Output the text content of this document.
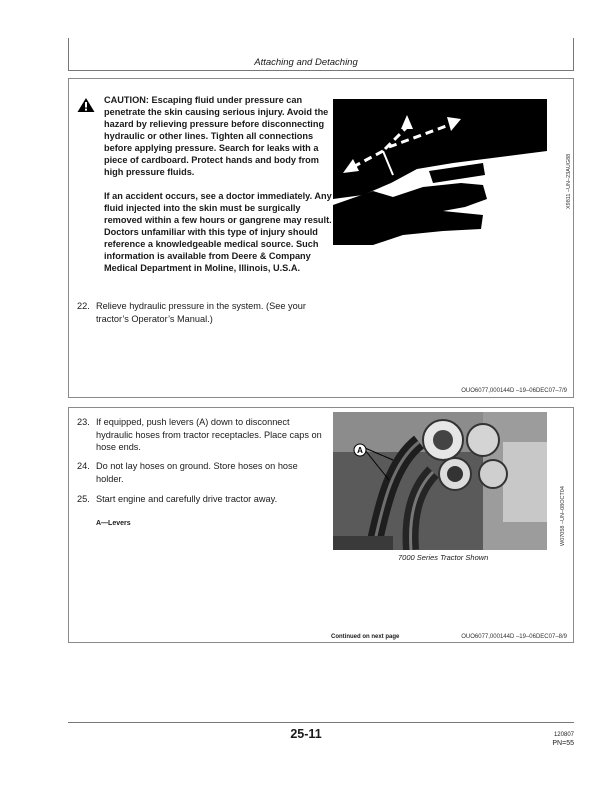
Attaching and Detaching

CAUTION: Escaping fluid under pressure can penetrate the skin causing serious injury. Avoid the hazard by relieving pressure before disconnecting hydraulic or other lines. Tighten all connections before applying pressure. Search for leaks with a piece of cardboard. Protect hands and body from high pressure fluids.

If an accident occurs, see a doctor immediately. Any fluid injected into the skin must be surgically removed within a few hours or gangrene may result. Doctors unfamiliar with this type of injury should reference a knowledgeable medical source. Such information is available from Deere & Company Medical Department in Moline, Illinois, U.S.A.

X9811 –UN–23AUG88
22. Relieve hydraulic pressure in the system. (See your tractor’s Operator’s Manual.)
OUO6077,000144D –19–06DEC07–7/9
23. If equipped, push levers (A) down to disconnect hydraulic hoses from tractor receptacles. Place caps on hose ends.
24. Do not lay hoses on ground. Store hoses on hose holder.
25. Start engine and carefully drive tractor away.
A—Levers
A
W07058 –UN–08OCT04
7000 Series Tractor Shown
Continued on next page	OUO6077,000144D –19–06DEC07–8/9
25-11	120807
PN=55
